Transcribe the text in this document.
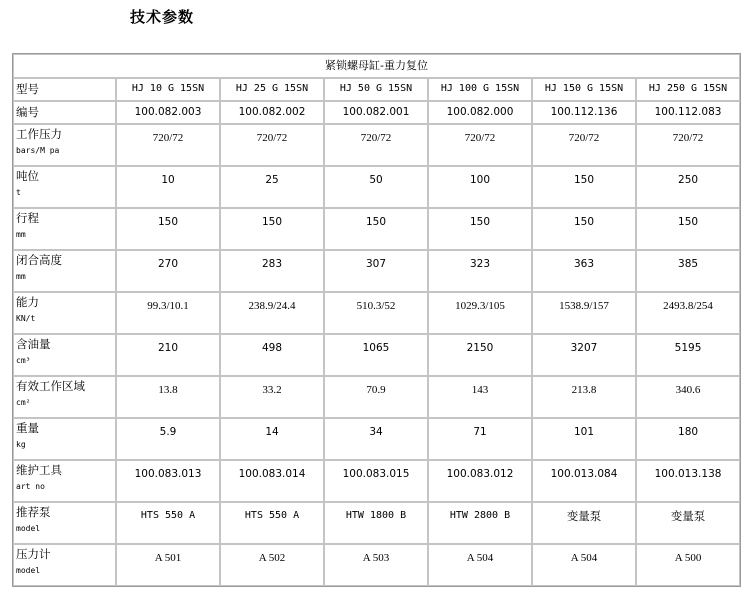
技术参数
紧锁螺母缸-重力复位						

型号	HJ 10 G 15SN	HJ 25 G 15SN	HJ 50 G 15SN	HJ 100 G 15SN	HJ 150 G 15SN	HJ 250 G 15SN

编号	100.082.003	100.082.002	100.082.001	100.082.000	100.112.136	100.112.083

工作压力
bars/M pa	720/72	720/72	720/72	720/72	720/72	720/72

吨位
t	10	25	50	100	150	250

行程
mm	150	150	150	150	150	150

闭合高度
mm	270	283	307	323	363	385

能力
KN/t	99.3/10.1	238.9/24.4	510.3/52	1029.3/105	1538.9/157	2493.8/254

含油量
cm³	210	498	1065	2150	3207	5195

有效工作区域
cm²	13.8	33.2	70.9	143	213.8	340.6

重量
kg	5.9	14	34	71	101	180

维护工具
art no	100.083.013	100.083.014	100.083.015	100.083.012	100.013.084	100.013.138

推荐泵
model	HTS 550 A	HTS 550 A	HTW 1800 B	HTW 2800 B	变量泵	变量泵

压力计
model	A 501	A 502	A 503	A 504	A 504	A 500
